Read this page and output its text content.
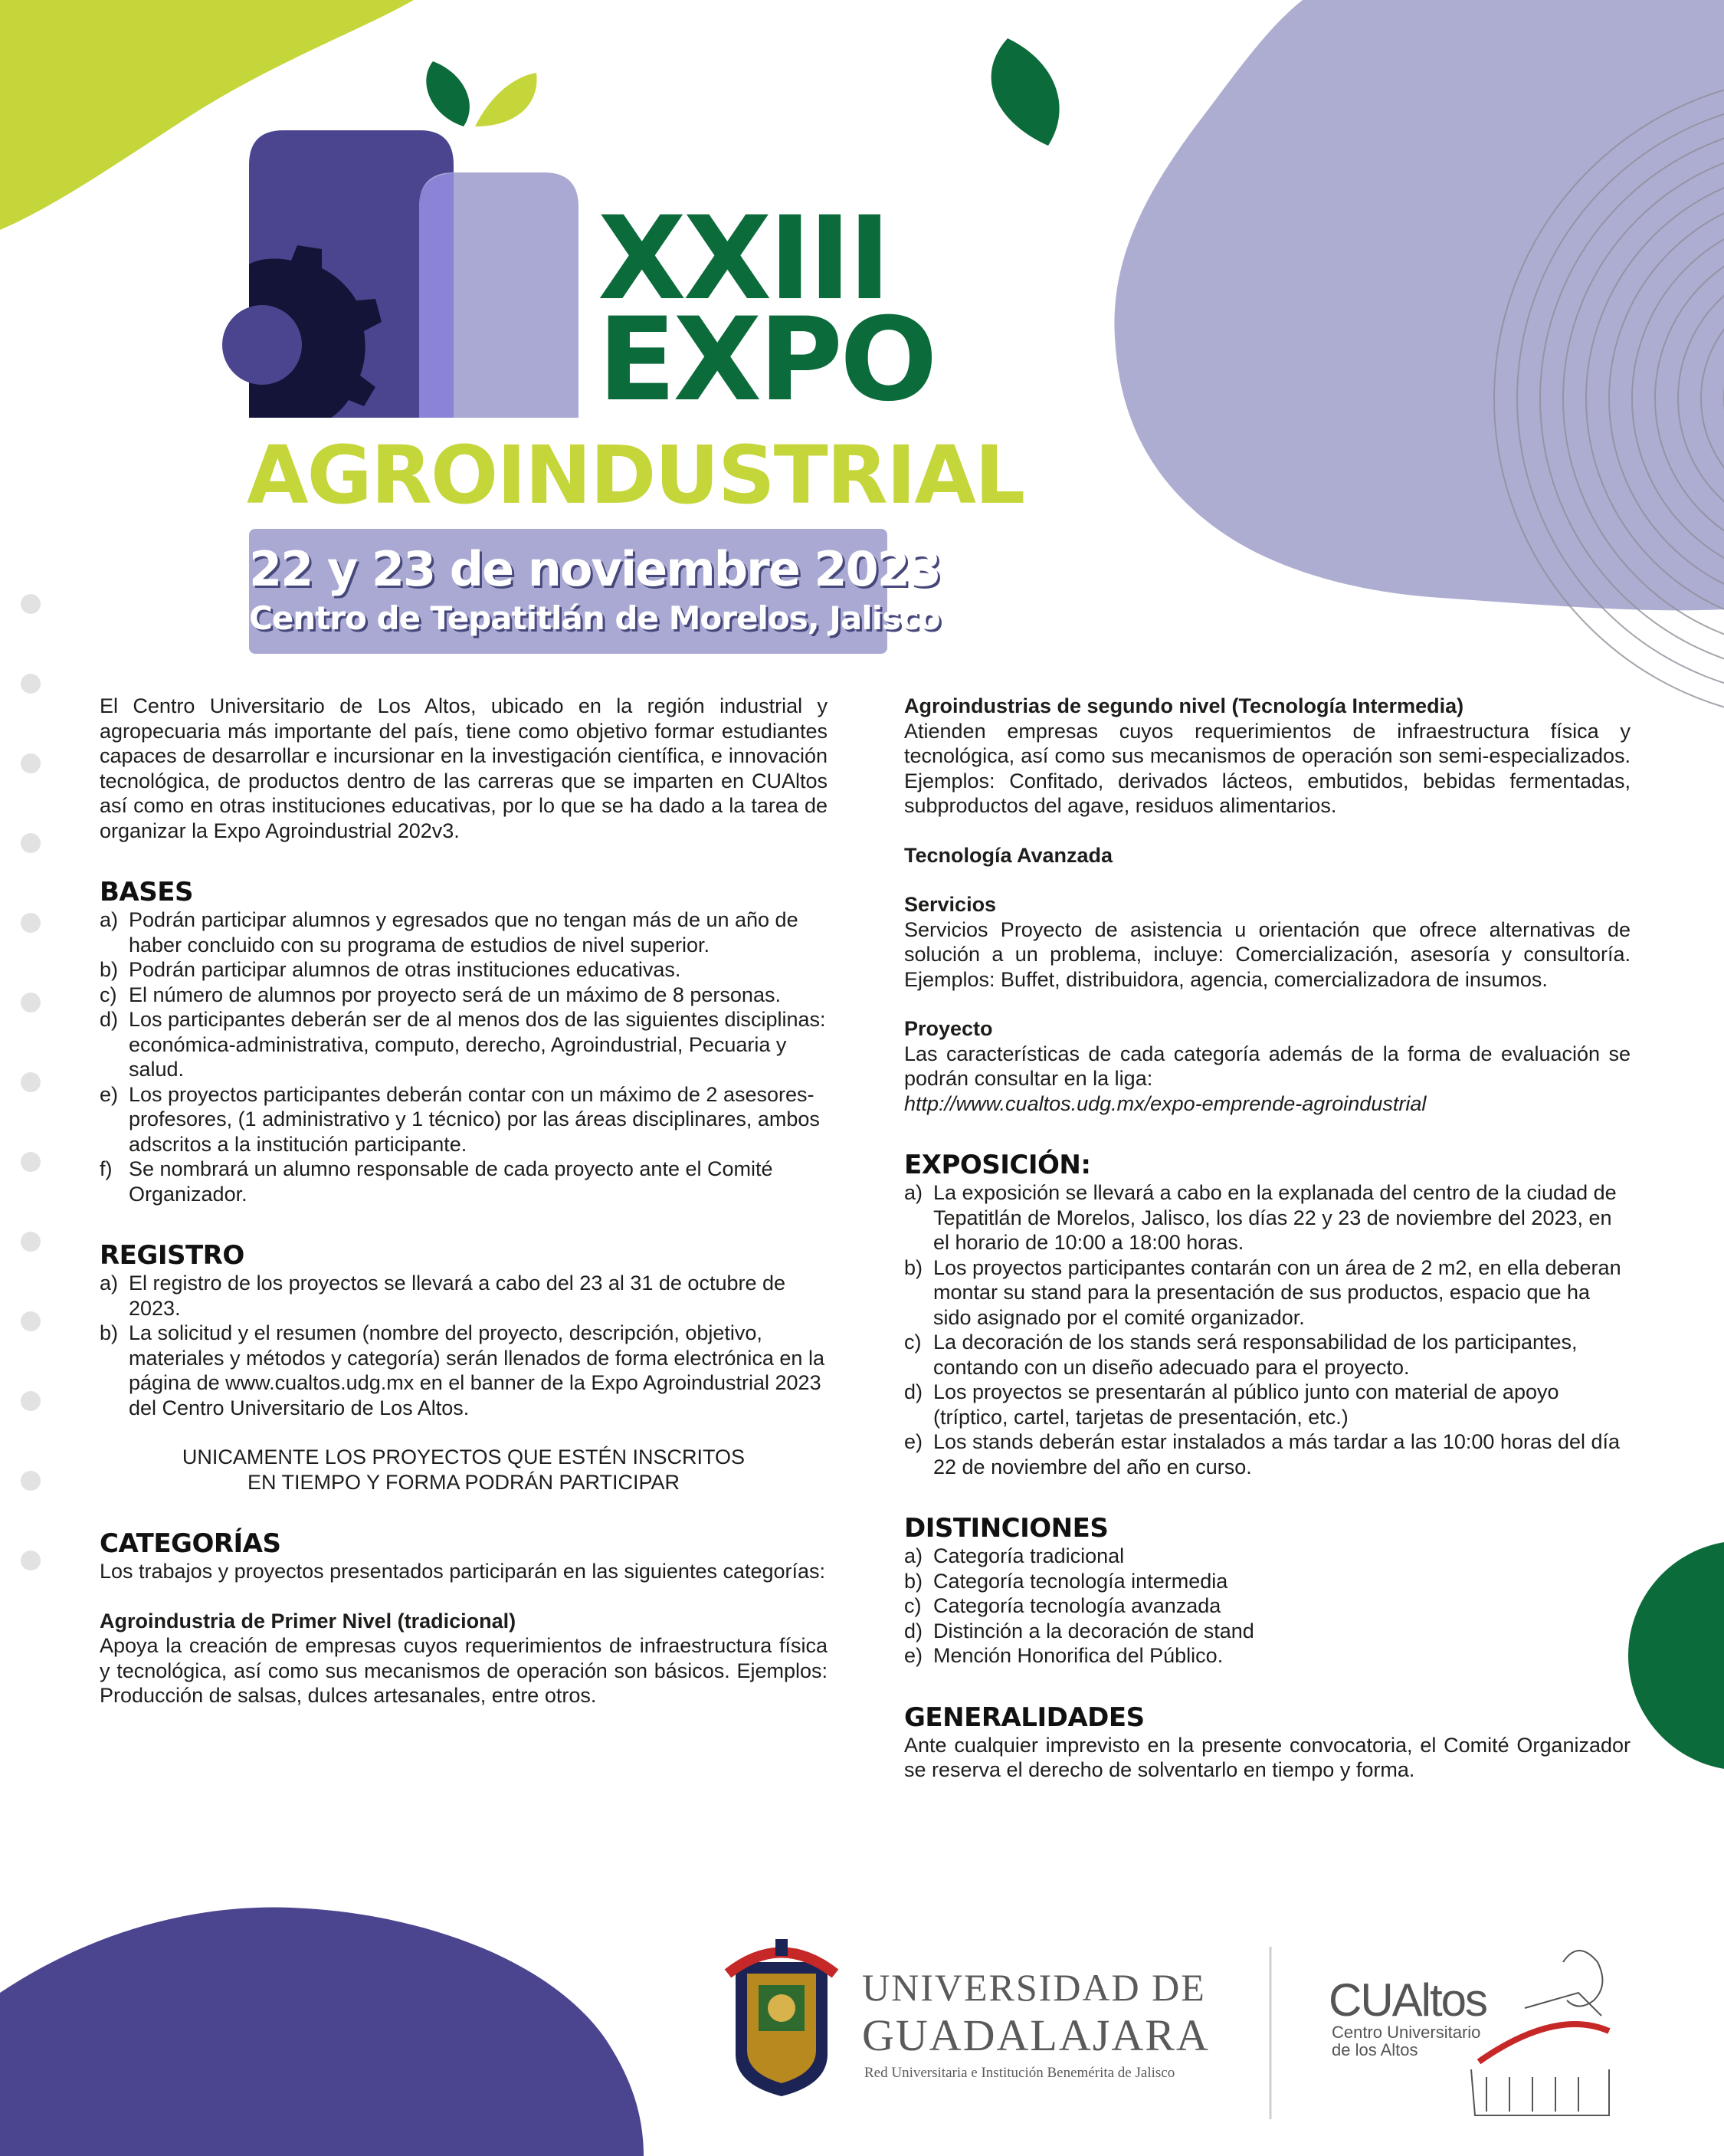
XXIII
EXPO
AGROINDUSTRIAL
22 y 23 de noviembre 2023
Centro de Tepatitlán de Morelos, Jalisco

El Centro Universitario de Los Altos, ubicado en la región industrial y agropecuaria más importante del país, tiene como objetivo formar estudiantes capaces de desarrollar e incursionar en la investigación científica, e innovación tecnológica, de productos dentro de las carreras que se imparten en CUAltos así como en otras instituciones educativas, por lo que se ha dado a la tarea de organizar la Expo Agroindustrial 202v3.

BASES

a) Podrán participar alumnos y egresados que no tengan más de un año de haber concluido con su programa de estudios de nivel superior.
b) Podrán participar alumnos de otras instituciones educativas.
c) El número de alumnos por proyecto será de un máximo de 8 personas.
d) Los participantes deberán ser de al menos dos de las siguientes disciplinas: económica-administrativa, computo, derecho, Agroindustrial, Pecuaria y salud.
e) Los proyectos participantes deberán contar con un máximo de 2 asesores-profesores, (1 administrativo y 1 técnico) por las áreas disciplinares, ambos adscritos a la institución participante.
f) Se nombrará un alumno responsable de cada proyecto ante el Comité Organizador.

REGISTRO

a) El registro de los proyectos se llevará a cabo del 23 al 31 de octubre de 2023.
b) La solicitud y el resumen (nombre del proyecto, descripción, objetivo, materiales y métodos y categoría) serán llenados de forma electrónica en la página de www.cualtos.udg.mx en el banner de la Expo Agroindustrial 2023 del Centro Universitario de Los Altos.

UNICAMENTE LOS PROYECTOS QUE ESTÉN INSCRITOS

EN TIEMPO Y FORMA PODRÁN PARTICIPAR

CATEGORÍAS

Los trabajos y proyectos presentados participarán en las siguientes categorías:

Agroindustria de Primer Nivel (tradicional)

Apoya la creación de empresas cuyos requerimientos de infraestructura física y tecnológica, así como sus mecanismos de operación son básicos. Ejemplos: Producción de salsas, dulces artesanales, entre otros.

Agroindustrias de segundo nivel (Tecnología Intermedia)

Atienden empresas cuyos requerimientos de infraestructura física y tecnológica, así como sus mecanismos de operación son semi-especializados. Ejemplos: Confitado, derivados lácteos, embutidos, bebidas fermentadas, subproductos del agave, residuos alimentarios.

Tecnología Avanzada

Servicios

Servicios Proyecto de asistencia u orientación que ofrece alternativas de solución a un problema, incluye: Comercialización, asesoría y consultoría. Ejemplos: Buffet, distribuidora, agencia, comercializadora de insumos.

Proyecto

Las características de cada categoría además de la forma de evaluación se podrán consultar en la liga:

http://www.cualtos.udg.mx/expo-emprende-agroindustrial

EXPOSICIÓN:

a) La exposición se llevará a cabo en la explanada del centro de la ciudad de Tepatitlán de Morelos, Jalisco, los días 22 y 23 de noviembre del 2023, en el horario de 10:00 a 18:00 horas.
b) Los proyectos participantes contarán con un área de 2 m2, en ella deberan montar su stand para la presentación de sus productos, espacio que ha sido asignado por el comité organizador.
c) La decoración de los stands será responsabilidad de los participantes, contando con un diseño adecuado para el proyecto.
d) Los proyectos se presentarán al público junto con material de apoyo (tríptico, cartel, tarjetas de presentación, etc.)
e) Los stands deberán estar instalados a más tardar a las 10:00 horas del día 22 de noviembre del año en curso.

DISTINCIONES

a) Categoría tradicional
b) Categoría tecnología intermedia
c) Categoría tecnología avanzada
d) Distinción a la decoración de stand
e) Mención Honorifica del Público.

GENERALIDADES

Ante cualquier imprevisto en la presente convocatoria, el Comité Organizador se reserva el derecho de solventarlo en tiempo y forma.

UNIVERSIDAD DE
GUADALAJARA
Red Universitaria e Institución Benemérita de Jalisco
CUAltos
Centro Universitario
de los Altos
